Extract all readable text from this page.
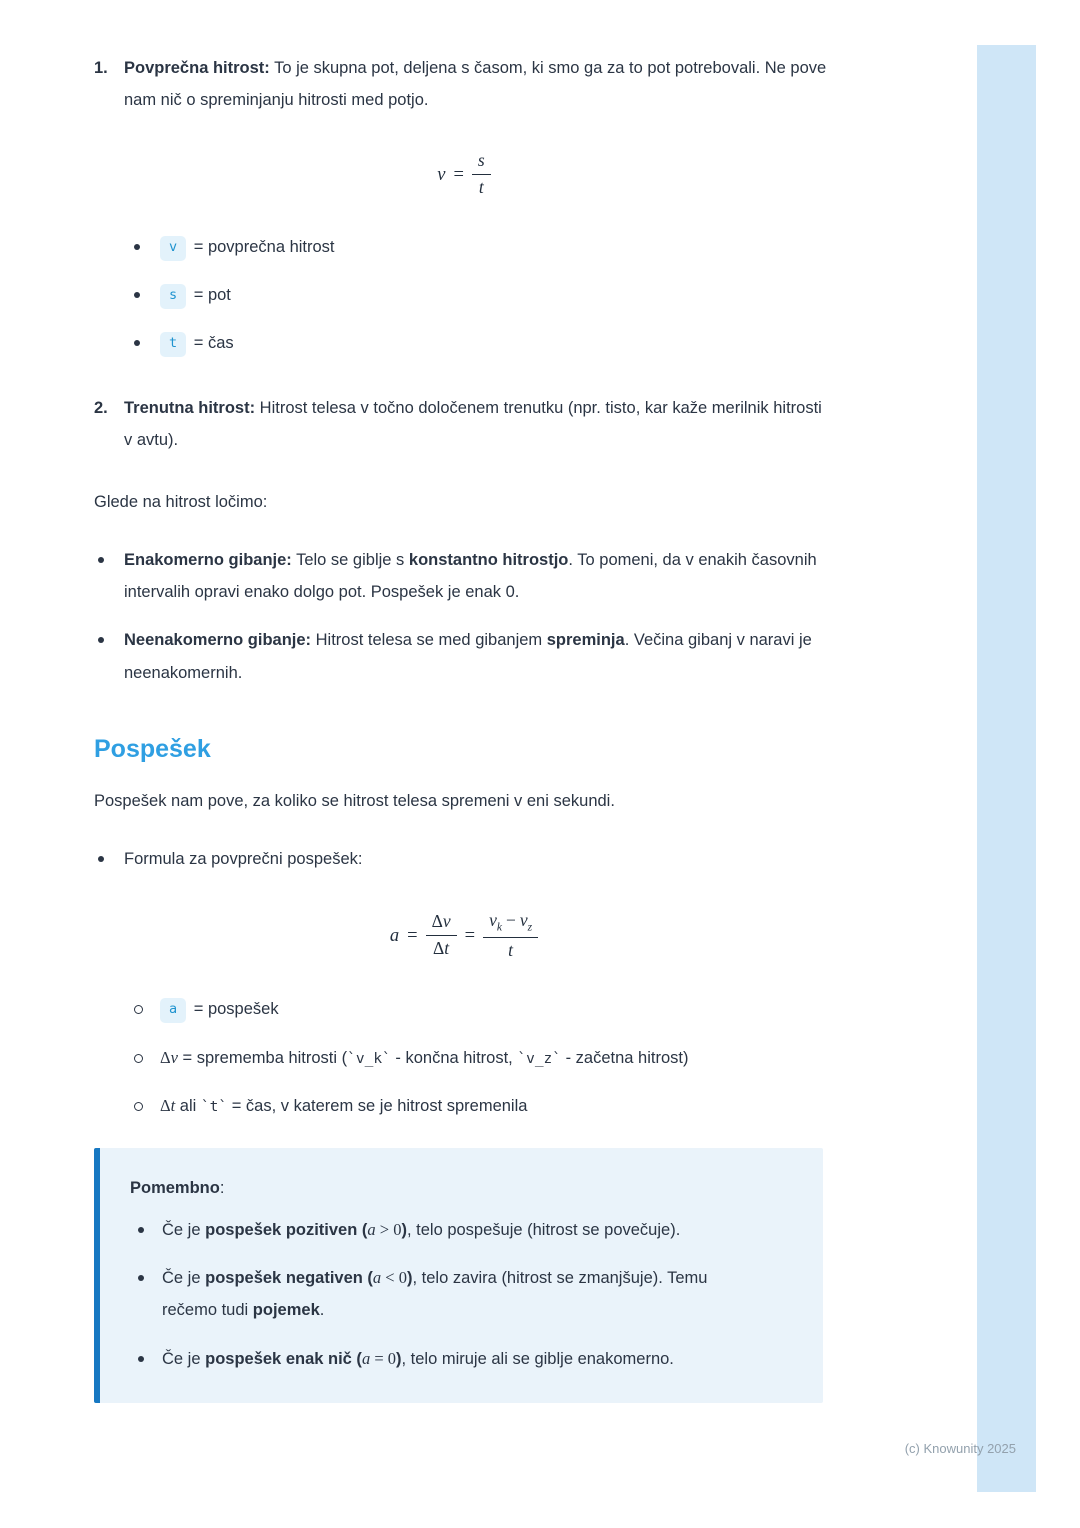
1. Povprečna hitrost: To je skupna pot, deljena s časom, ki smo ga za to pot potrebovali. Ne pove nam nič o spreminjanju hitrosti med potjo.

$v = \frac{s}{t}$
v = povprečna hitrost
s = pot
t = čas
2. Trenutna hitrost: Hitrost telesa v točno določenem trenutku (npr. tisto, kar kaže merilnik hitrosti v avtu).

Glede na hitrost ločimo:

Enakomerno gibanje: Telo se giblje s konstantno hitrostjo. To pomeni, da v enakih časovnih intervalih opravi enako dolgo pot. Pospešek je enak 0.
Neenakomerno gibanje: Hitrost telesa se med gibanjem spreminja. Večina gibanj v naravi je neenakomernih.
Pospešek

Pospešek nam pove, za koliko se hitrost telesa spremeni v eni sekundi.

Formula za povprečni pospešek:
$a = \frac{\Delta v}{\Delta t} = \frac{v_k - v_z}{t}$
a = pospešek
Δv = sprememba hitrosti (`v_k` - končna hitrost, `v_z` - začetna hitrost)
Δt ali `t` = čas, v katerem se je hitrost spremenila

Pomembno:

Če je pospešek pozitiven (a > 0), telo pospešuje (hitrost se povečuje).
Če je pospešek negativen (a < 0), telo zavira (hitrost se zmanjšuje). Temu rečemo tudi pojemek.
Če je pospešek enak nič (a = 0), telo miruje ali se giblje enakomerno.
(c) Knowunity 2025
